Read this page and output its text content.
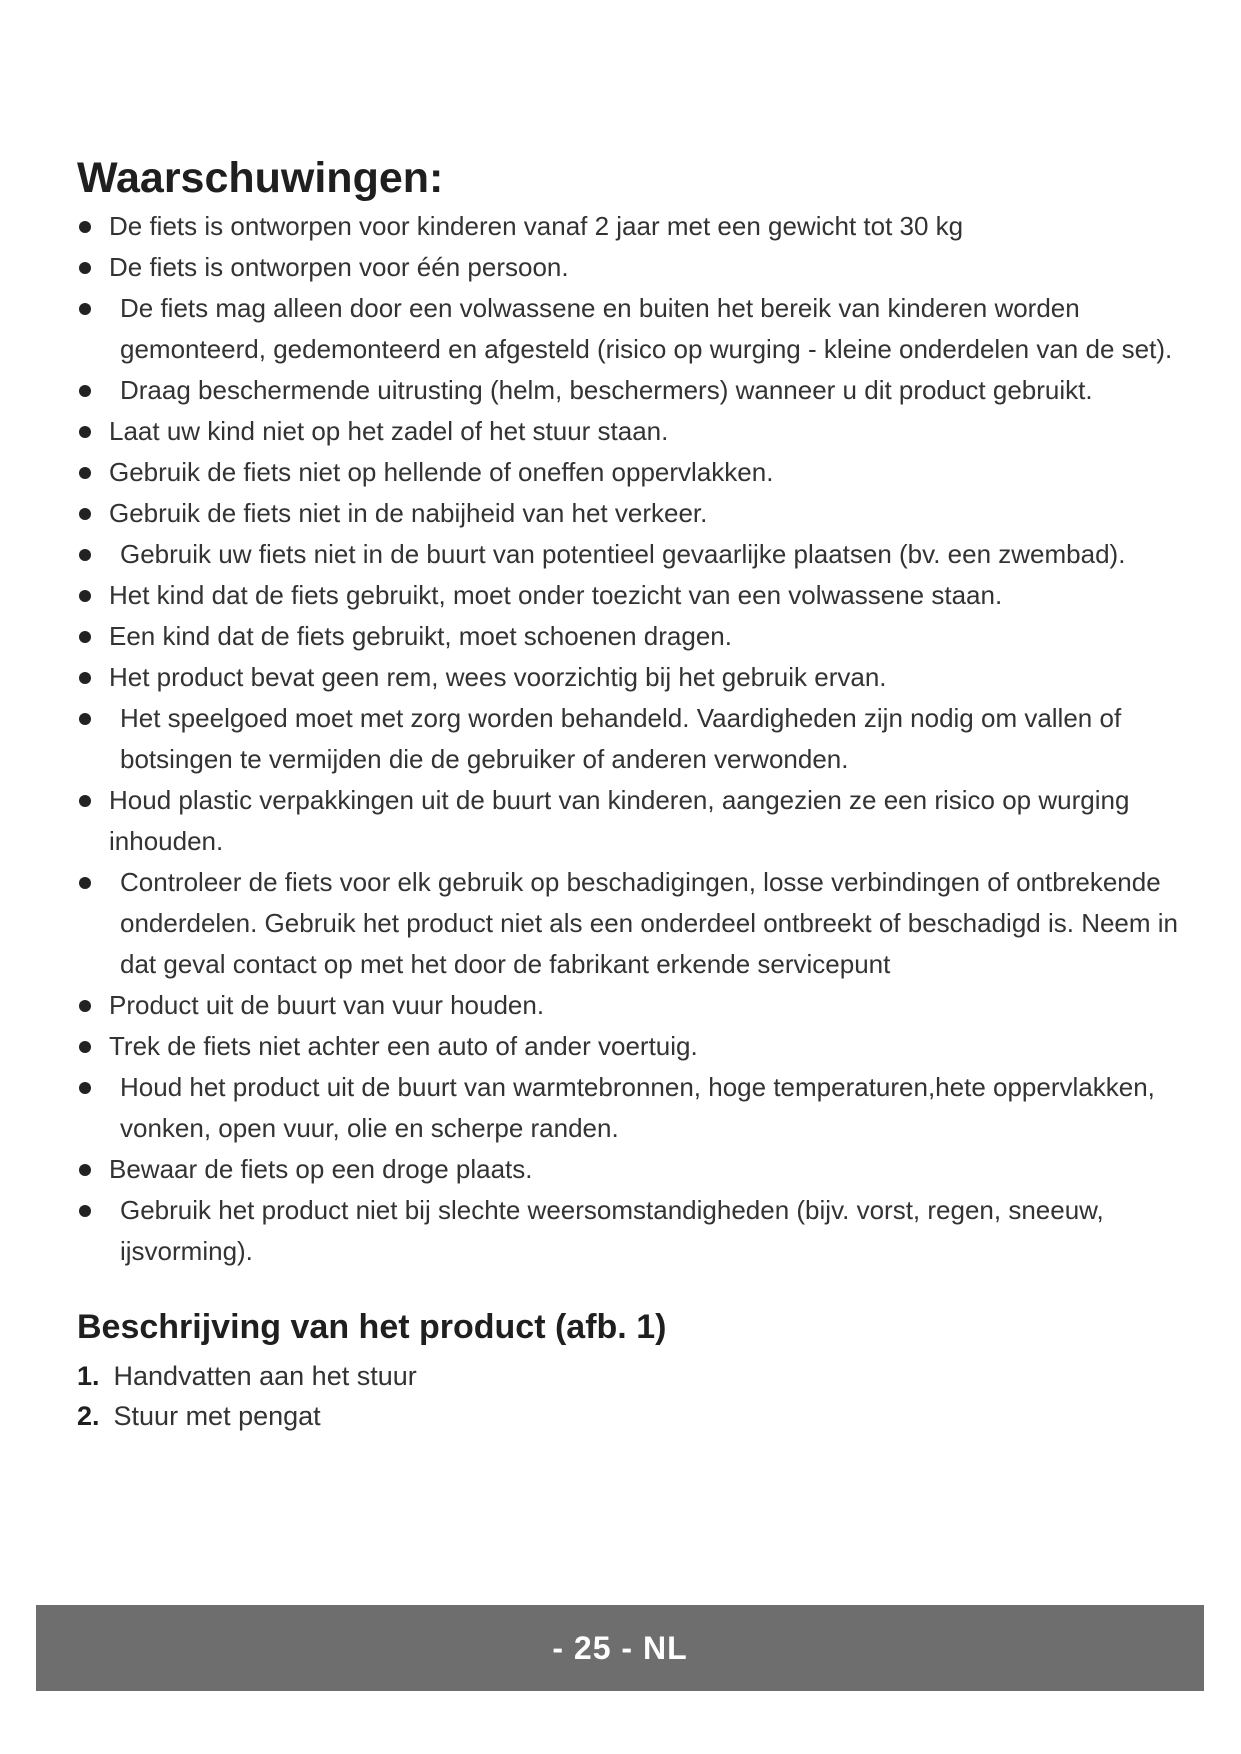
Waarschuwingen:
De fiets is ontworpen voor kinderen vanaf 2 jaar met een gewicht tot 30 kg
De fiets is ontworpen voor één persoon.
De fiets mag alleen door een volwassene en buiten het bereik van kinderen worden gemonteerd, gedemonteerd en afgesteld (risico op wurging - kleine onderdelen van de set).
Draag beschermende uitrusting (helm, beschermers) wanneer u dit product gebruikt.
Laat uw kind niet op het zadel of het stuur staan.
Gebruik de fiets niet op hellende of oneffen oppervlakken.
Gebruik de fiets niet in de nabijheid van het verkeer.
Gebruik uw fiets niet in de buurt van potentieel gevaarlijke plaatsen (bv. een zwembad).
Het kind dat de fiets gebruikt, moet onder toezicht van een volwassene staan.
Een kind dat de fiets gebruikt, moet schoenen dragen.
Het product bevat geen rem, wees voorzichtig bij het gebruik ervan.
Het speelgoed moet met zorg worden behandeld. Vaardigheden zijn nodig om vallen of botsingen te vermijden die de gebruiker of anderen verwonden.
Houd plastic verpakkingen uit de buurt van kinderen, aangezien ze een risico op wurging inhouden.
Controleer de fiets voor elk gebruik op beschadigingen, losse verbindingen of ontbrekende onderdelen. Gebruik het product niet als een onderdeel ontbreekt of beschadigd is. Neem in dat geval contact op met het door de fabrikant erkende servicepunt
Product uit de buurt van vuur houden.
Trek de fiets niet achter een auto of ander voertuig.
Houd het product uit de buurt van warmtebronnen, hoge temperaturen,hete oppervlakken, vonken, open vuur, olie en scherpe randen.
Bewaar de fiets op een droge plaats.
Gebruik het product niet bij slechte weersomstandigheden (bijv. vorst, regen, sneeuw, ijsvorming).
Beschrijving van het product (afb. 1)
1. Handvatten aan het stuur
2. Stuur met pengat
- 25 - NL
